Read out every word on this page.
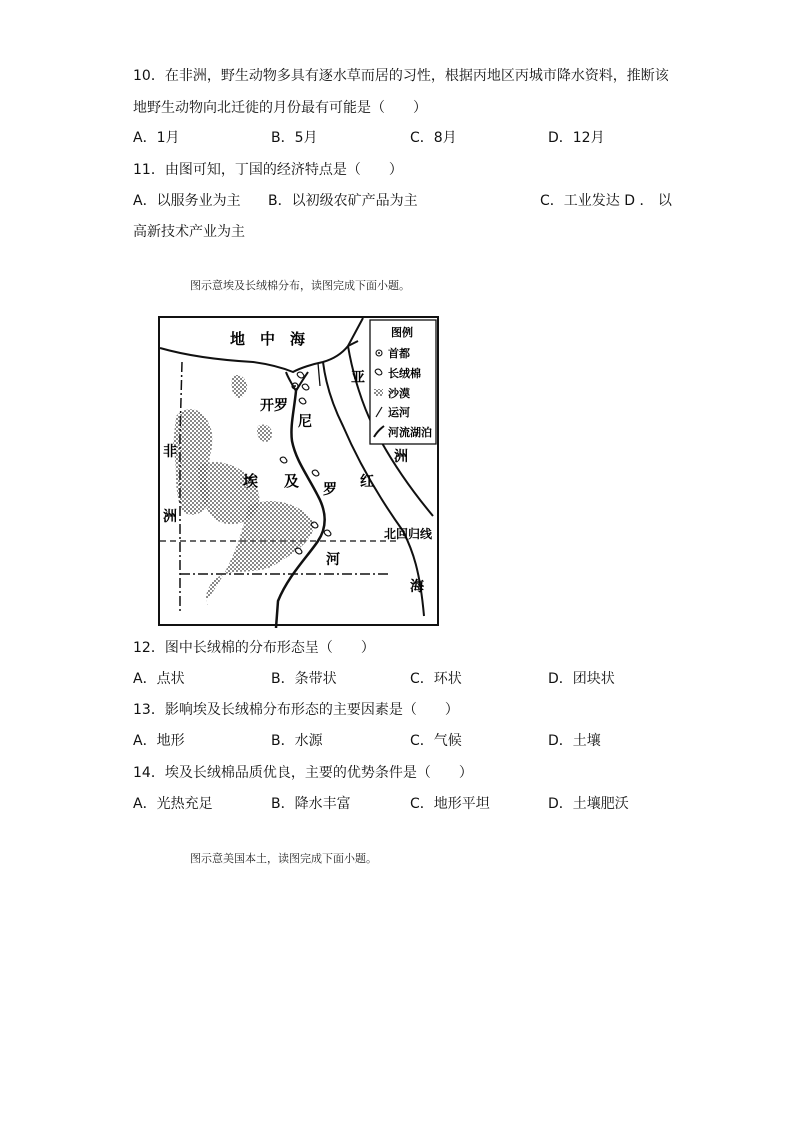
10．在非洲，野生动物多具有逐水草而居的习性，根据丙地区丙城市降水资料，推断该
地野生动物向北迁徙的月份最有可能是（　　）
A．1月	B．5月	C．8月	D．12月
11．由图可知，丁国的经济特点是（　　）
A．以服务业为主 B．以初级农矿产品为主	C．工业发达 D ． 以
高新技术产业为主
图示意埃及长绒棉分布，读图完成下面小题。
地　中　海
开罗
尼
罗
河
埃 及
非
洲
亚
洲
红
海
北回归线
图例
首都
长绒棉
沙漠
运河
河流湖泊
12．图中长绒棉的分布形态呈（　　）
A．点状	B．条带状	C．环状	D．团块状
13．影响埃及长绒棉分布形态的主要因素是（　　）
A．地形	B．水源	C．气候	D．土壤
14．埃及长绒棉品质优良，主要的优势条件是（　　）
A．光热充足	B．降水丰富	C．地形平坦	D．土壤肥沃
图示意美国本土，读图完成下面小题。
